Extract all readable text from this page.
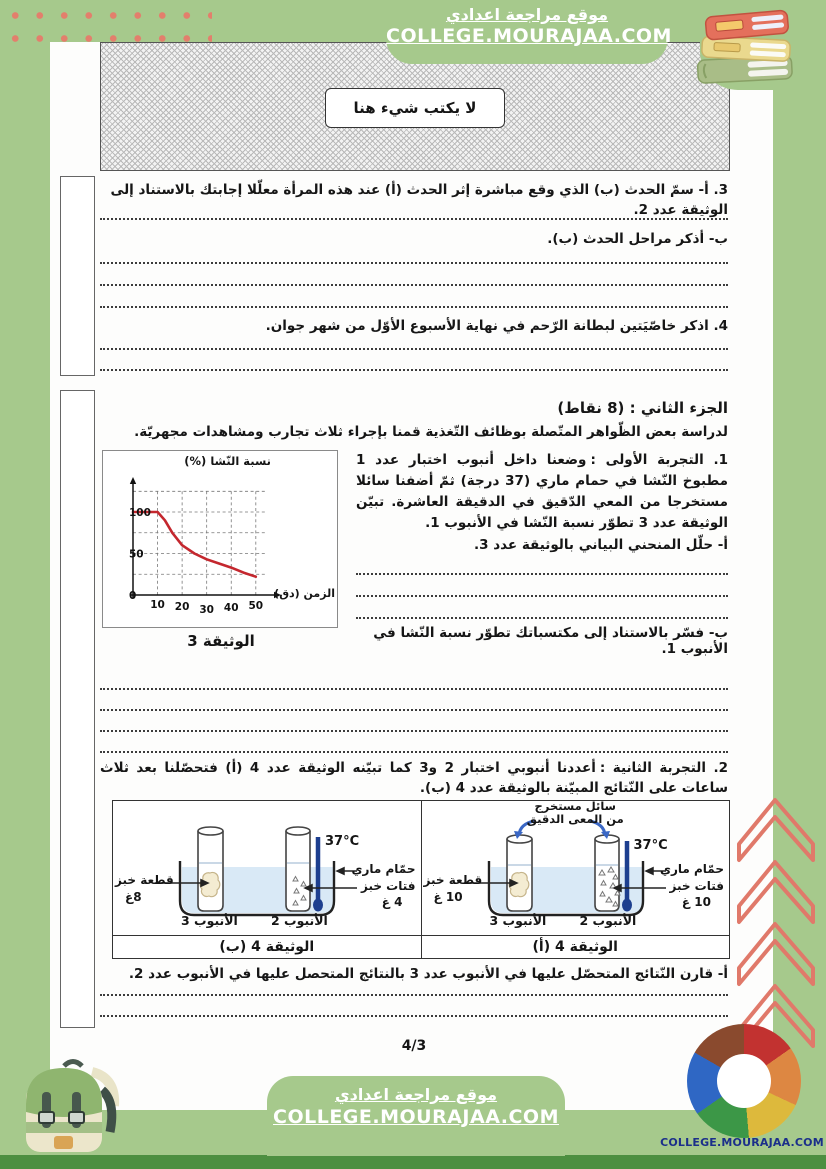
لا يكتب شيء هنا
موقع مراجعة اعدادي
COLLEGE.MOURAJAA.COM
3. أ- سمّ الحدث (ب) الذي وقع مباشرة إثر الحدث (أ) عند هذه المرأة معلّلا إجابتك بالاستناد إلى الوثيقة عدد 2.
ب- أذكر مراحل الحدث (ب).
4. اذكر خاصّيَتين لبطانة الرّحم في نهاية الأسبوع الأوّل من شهر جوان.
الجزء الثاني : (8 نقاط)
لدراسة بعض الظّواهر المتّصلة بوظائف التّغذية قمنا بإجراء ثلاث تجارب ومشاهدات مجهريّة.

1. التجربة الأولى :وضعنا داخل أنبوب اختبار عدد 1 مطبوخ النّشا في حمام ماري (37 درجة) ثمّ أضفنا سائلا مستخرجا من المعي الدّقيق في الدقيقة العاشرة. تبيّن الوثيقة عدد 3 تطوّر نسبة النّشا في الأنبوب 1.

أ- حلّل المنحني البياني بالوثيقة عدد 3.
ب- فسّر بالاستناد إلى مكتسباتك تطوّر نسبة النّشا في الأنبوب 1.
نسبة النّشا (%)
0
50
100
10 20 30 40 50
الزمن (دق)
الوثيقة 3
2. التجربة الثانية :أعددنا أنبوبي اختبار 2 و3 كما تبيّنه الوثيقة عدد 4 (أ) فتحصّلنا بعد ثلاث ساعات على النّتائج المبيّنة بالوثيقة عدد 4 (ب).
سائل مستخرج
من المعى الدقيق
37°C
حمّام ماري
فتات خبز
10 غ
قطعة خبز
10 غ
الأنبوب 3	الأنبوب 2
الوثيقة 4 (أ)
37°C
حمّام ماري
فتات خبز
4 غ
قطعة خبز
8غ
الأنبوب 3	الأنبوب 2
الوثيقة 4 (ب)
أ- قارن النّتائج المتحصّل عليها في الأنبوب عدد 3 بالنتائج المتحصل عليها في الأنبوب عدد 2.
4/3
موقع مراجعة اعدادي
COLLEGE.MOURAJAA.COM
COLLEGE.MOURAJAA.COM
